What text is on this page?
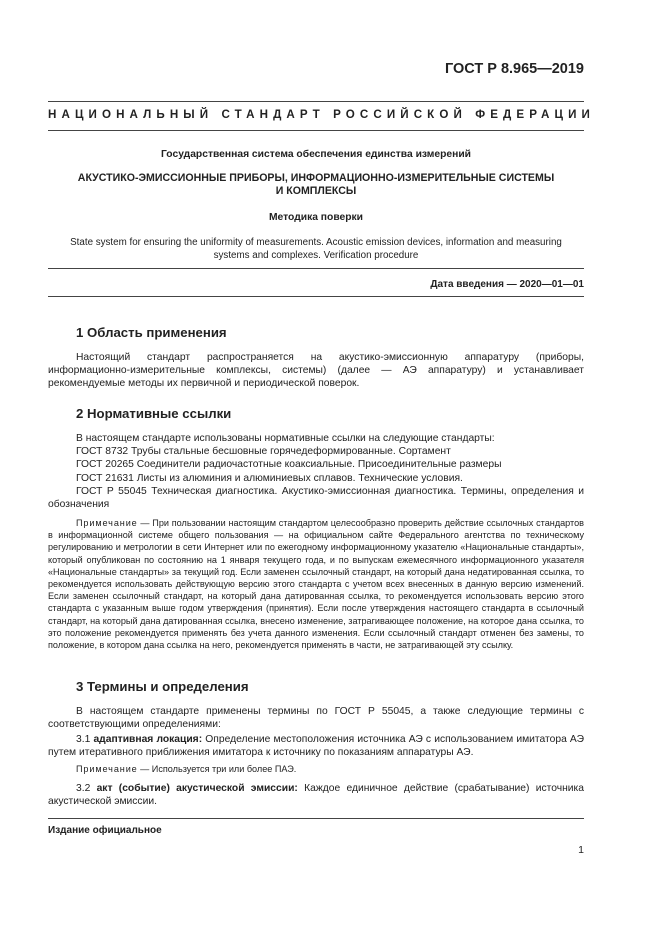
ГОСТ Р 8.965—2019
НАЦИОНАЛЬНЫЙ СТАНДАРТ РОССИЙСКОЙ ФЕДЕРАЦИИ
Государственная система обеспечения единства измерений
АКУСТИКО-ЭМИССИОННЫЕ ПРИБОРЫ, ИНФОРМАЦИОННО-ИЗМЕРИТЕЛЬНЫЕ СИСТЕМЫ
И КОМПЛЕКСЫ
Методика поверки
State system for ensuring the uniformity of measurements. Acoustic emission devices, information and measuring
systems and complexes. Verification procedure
Дата введения — 2020—01—01
1 Область применения
Настоящий стандарт распространяется на акустико-эмиссионную аппаратуру (приборы, информационно-измерительные комплексы, системы) (далее — АЭ аппаратуру) и устанавливает рекомендуемые методы их первичной и периодической поверок.
2 Нормативные ссылки

В настоящем стандарте использованы нормативные ссылки на следующие стандарты:

ГОСТ 8732 Трубы стальные бесшовные горячедеформированные. Сортамент

ГОСТ 20265 Соединители радиочастотные коаксиальные. Присоединительные размеры

ГОСТ 21631 Листы из алюминия и алюминиевых сплавов. Технические условия.

ГОСТ Р 55045 Техническая диагностика. Акустико-эмиссионная диагностика. Термины, определения и обозначения

Примечание — При пользовании настоящим стандартом целесообразно проверить действие ссылочных стандартов в информационной системе общего пользования — на официальном сайте Федерального агентства по техническому регулированию и метрологии в сети Интернет или по ежегодному информационному указателю «Национальные стандарты», который опубликован по состоянию на 1 января текущего года, и по выпускам ежемесячного информационного указателя «Национальные стандарты» за текущий год. Если заменен ссылочный стандарт, на который дана недатированная ссылка, то рекомендуется использовать действующую версию этого стандарта с учетом всех внесенных в данную версию изменений. Если заменен ссылочный стандарт, на который дана датированная ссылка, то рекомендуется использовать версию этого стандарта с указанным выше годом утверждения (принятия). Если после утверждения настоящего стандарта в ссылочный стандарт, на который дана датированная ссылка, внесено изменение, затрагивающее положение, на которое дана ссылка, то это положение рекомендуется применять без учета данного изменения. Если ссылочный стандарт отменен без замены, то положение, в котором дана ссылка на него, рекомендуется применять в части, не затрагивающей эту ссылку.

3 Термины и определения
В настоящем стандарте применены термины по ГОСТ Р 55045, а также следующие термины с соответствующими определениями:
3.1 адаптивная локация: Определение местоположения источника АЭ с использованием имитатора АЭ путем итеративного приближения имитатора к источнику по показаниям аппаратуры АЭ.
Примечание — Используется три или более ПАЭ.
3.2 акт (событие) акустической эмиссии: Каждое единичное действие (срабатывание) источника акустической эмиссии.
Издание официальное
1
